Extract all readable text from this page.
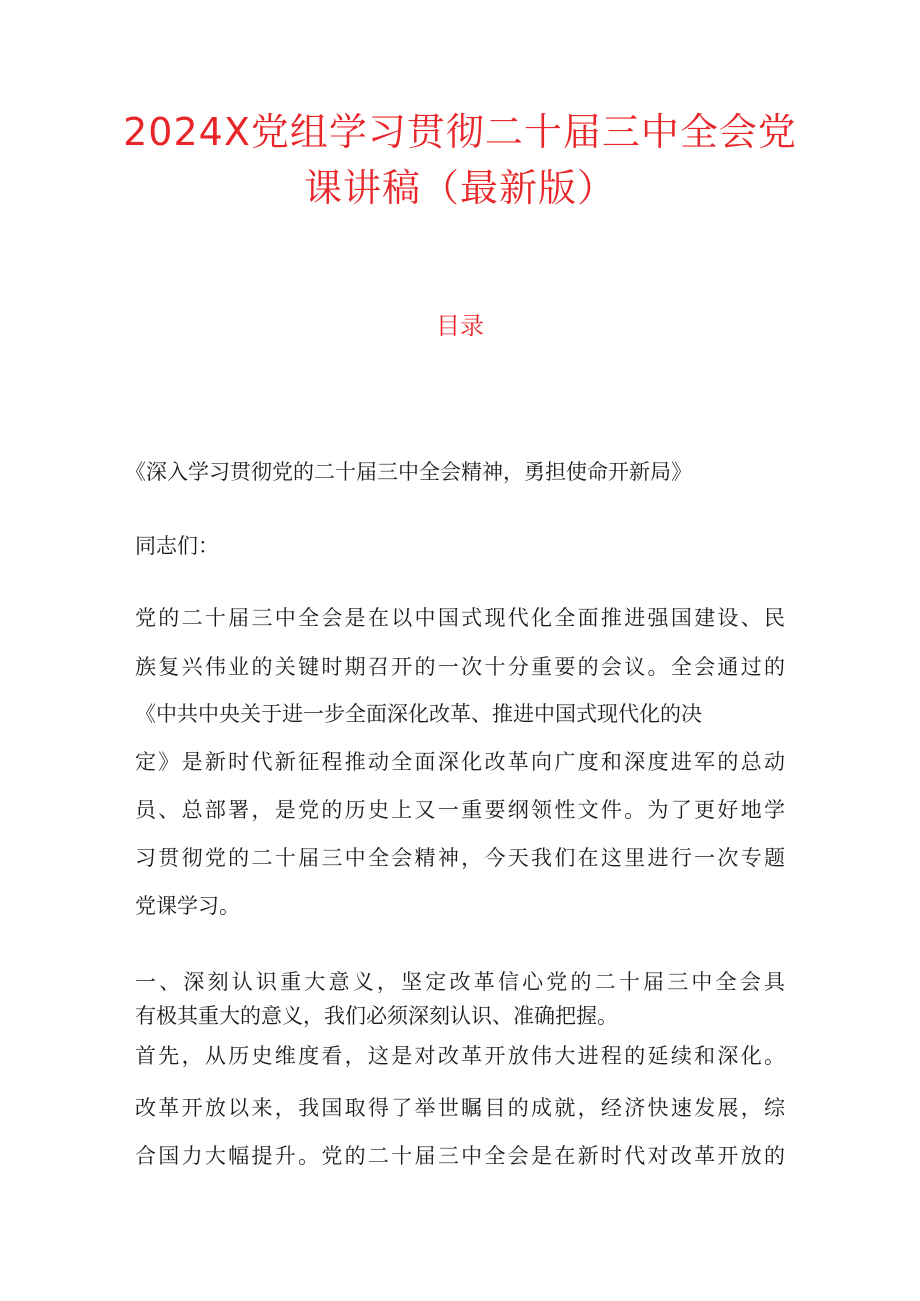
2024X党组学习贯彻二十届三中全会党
课讲稿（最新版）
目录
《深入学习贯彻党的二十届三中全会精神，勇担使命开新局》
同志们：
党的二十届三中全会是在以中国式现代化全面推进强国建设、民
族复兴伟业的关键时期召开的一次十分重要的会议。全会通过的
《中共中央关于进一步全面深化改革、推进中国式现代化的决
定》是新时代新征程推动全面深化改革向广度和深度进军的总动
员、总部署，是党的历史上又一重要纲领性文件。为了更好地学
习贯彻党的二十届三中全会精神，今天我们在这里进行一次专题
党课学习。
一、深刻认识重大意义，坚定改革信心党的二十届三中全会具
有极其重大的意义，我们必须深刻认识、准确把握。
首先，从历史维度看，这是对改革开放伟大进程的延续和深化。
改革开放以来，我国取得了举世瞩目的成就，经济快速发展，综
合国力大幅提升。党的二十届三中全会是在新时代对改革开放的
